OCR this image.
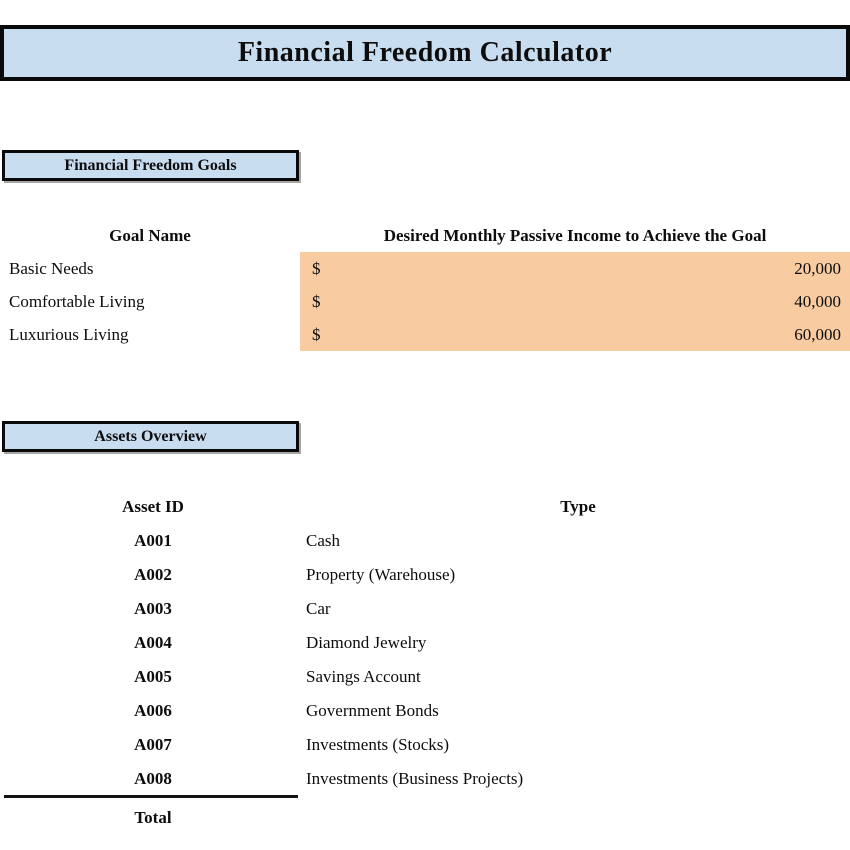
Financial Freedom Calculator
Financial Freedom Goals
Goal Name	Desired Monthly Passive Income to Achieve the Goal
Basic Needs	$	20,000
Comfortable Living	$	40,000
Luxurious Living	$	60,000
Assets Overview
Asset ID	Type
A001	Cash
A002	Property (Warehouse)
A003	Car
A004	Diamond Jewelry
A005	Savings Account
A006	Government Bonds
A007	Investments (Stocks)
A008	Investments (Business Projects)
Total
